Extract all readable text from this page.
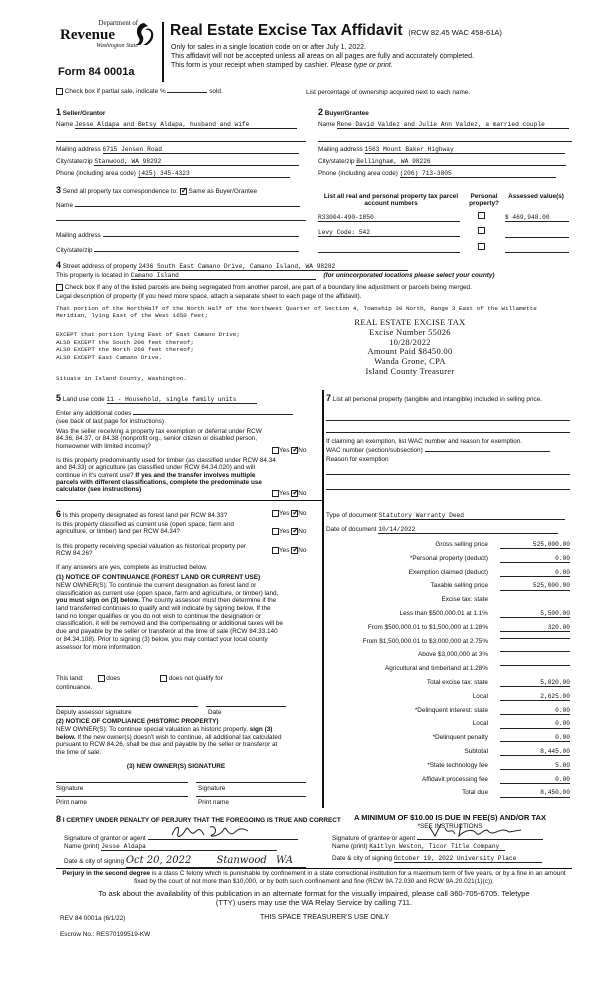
Department of
Revenue
Washington State
Form 84 0001a
Real Estate Excise Tax Affidavit (RCW 82.45 WAC 458-61A)
Only for sales in a single location code on or after July 1, 2022.
This affidavit will not be accepted unless all areas on all pages are fully and accurately completed.
This form is your receipt when stamped by cashier. Please type or print.
Check box if partial sale, indicate %	sold.	List percentage of ownership acquired next to each name.
1 Seller/Grantor
Name Jesse Aldapa and Betsy Aldapa, husband and wife
Mailing address 6715 Jensen Road
City/state/zip Stanwood, WA 98292
Phone (including area code) (425) 345-4323
2 Buyer/Grantee
Name Rene David Valdez and Julie Ann Valdez, a married couple
Mailing address 1563 Mount Baker Highway
City/state/zip Bellingham, WA 98226
Phone (including area code) (206) 713-3805
3 Send all property tax correspondence to: ✓ Same as Buyer/Grantee
Name
Mailing address
City/state/zip
List all real and personal property tax parcel account numbers
Personal property?
Assessed value(s)
R33004-490-1850	$ 469,948.00
Levy Code: 542
4 Street address of property 2436 South East Camano Drive, Camano Island, WA 98282
This property is located in Camano Island	(for unincorporated locations please select your county)
Check box if any of the listed parcels are being segregated from another parcel, are part of a boundary line adjustment or parcels being merged.
Legal description of property (if you need more space, attach a separate sheet to each page of the affidavit).
That portion of the NorthHalf of the North Half of the Northwest Quarter of Section 4, Township 30 North, Range 3 East of the Willamette Meridian, lying East of the West 1650 feet;
EXCEPT that portion lying East of East Camano Drive;
ALSO EXCEPT the South 200 feet thereof;
ALSO EXCEPT the North 260 feet thereof;
ALSO EXCEPT East Camano Drive.
Situate in Island County, Washington.
REAL ESTATE EXCISE TAX
Excise Number 55026
10/28/2022
Amount Paid $8450.00
Wanda Grone, CPA
Island County Treasurer
5 Land use code 11 - Household, single family units
Enter any additional codes
(see back of last page for instructions)
Was the seller receiving a property tax exemption or deferral under RCW 84.36, 84.37, or 84.38 (nonprofit org., senior citizen or disabled person, homeowner with limited income)?
Yes ✓ No
Is this property predominantly used for timber (as classified under RCW 84.34 and 84.33) or agriculture (as classified under RCW 84.34.020) and will continue in it's current use? If yes and the transfer involves multiple parcels with different classifications, complete the predominate use calculator (see instructions)
Yes ✓ No
6 Is this property designated as forest land per RCW 84.33?	Yes ✓ No
Is this property classified as current use (open space, farm and agriculture, or timber) land per RCW 84.34?	Yes ✓ No
Is this property receiving special valuation as historical property per RCW 84.26?	Yes ✓ No
If any answers are yes, complete as instructed below.
(1) NOTICE OF CONTINUANCE (FOREST LAND OR CURRENT USE)
NEW OWNER(S): To continue the current designation as forest land or classification as current use (open space, farm and agriculture, or timber) land, you must sign on (3) below. The county assessor must then determine if the land transferred continues to qualify and will indicate by signing below. If the land no longer qualifies or you do not wish to continue the designation or classification, it will be removed and the compensating or additional taxes will be due and payable by the seller or transferor at the time of sale (RCW 84.33.140 or 84.34.108). Prior to signing (3) below, you may contact your local county assessor for more information.
This land:	does	does not qualify for
continuance.
Deputy assessor signature	Date
(2) NOTICE OF COMPLIANCE (HISTORIC PROPERTY)
NEW OWNER(S): To continue special valuation as historic property, sign (3) below. If the new owner(s) doesn't wish to continue, all additional tax calculated pursuant to RCW 84.26, shall be due and payable by the seller or transferor at the time of sale.
(3) NEW OWNER(S) SIGNATURE
Signature	Signature
Print name	Print name
7 List all personal property (tangible and intangible) included in selling price.
If claiming an exemption, list WAC number and reason for exemption.
WAC number (section/subsection)
Reason for exemption
Type of document Statutory Warranty Deed
Date of document 10/14/2022
Gross selling price	525,000.00
*Personal property (deduct)	0.00
Exemption claimed (deduct)	0.00
Taxable selling price	525,000.00
Excise tax: state
Less than $500,000.01 at 1.1%	5,500.00
From $500,000.01 to $1,500,000 at 1.28%	320.00
From $1,500,000.01 to $3,000,000 at 2.75%
Above $3,000,000 at 3%
Agricultural and timberland at 1.28%
Total excise tax: state	5,820.00
Local	2,625.00
*Delinquent interest: state	0.00
Local	0.00
*Delinquent penalty	0.00
Subtotal	8,445.00
*State technology fee	5.00
Affidavit processing fee	0.00
Total due	8,450.00
A MINIMUM OF $10.00 IS DUE IN FEE(S) AND/OR TAX
*SEE INSTRUCTIONS
8 I CERTIFY UNDER PENALTY OF PERJURY THAT THE FOREGOING IS TRUE AND CORRECT
Signature of grantor or agent
Name (print) Jesse Aldapa
Date & city of signing Oct 20, 2022	Stanwood WA
Signature of grantee or agent
Name (print) Kaitlyn Weston, Ticor Title Company
Date & city of signing October 19, 2022 University Place
Perjury in the second degree is a class C felony which is punishable by confinement in a state correctional institution for a maximum term of five years, or by a fine in an amount fixed by the court of not more than $10,000, or by both such confinement and fine (RCW 9A.72.030 and RCW 9A.20.021(1)(c)).
To ask about the availability of this publication in an alternate format for the visually impaired, please call 360-705-6705. Teletype
(TTY) users may use the WA Relay Service by calling 711.
REV 84 0001a (6/1/22)	THIS SPACE TREASURER'S USE ONLY
Escrow No.: RES70199519-KW
